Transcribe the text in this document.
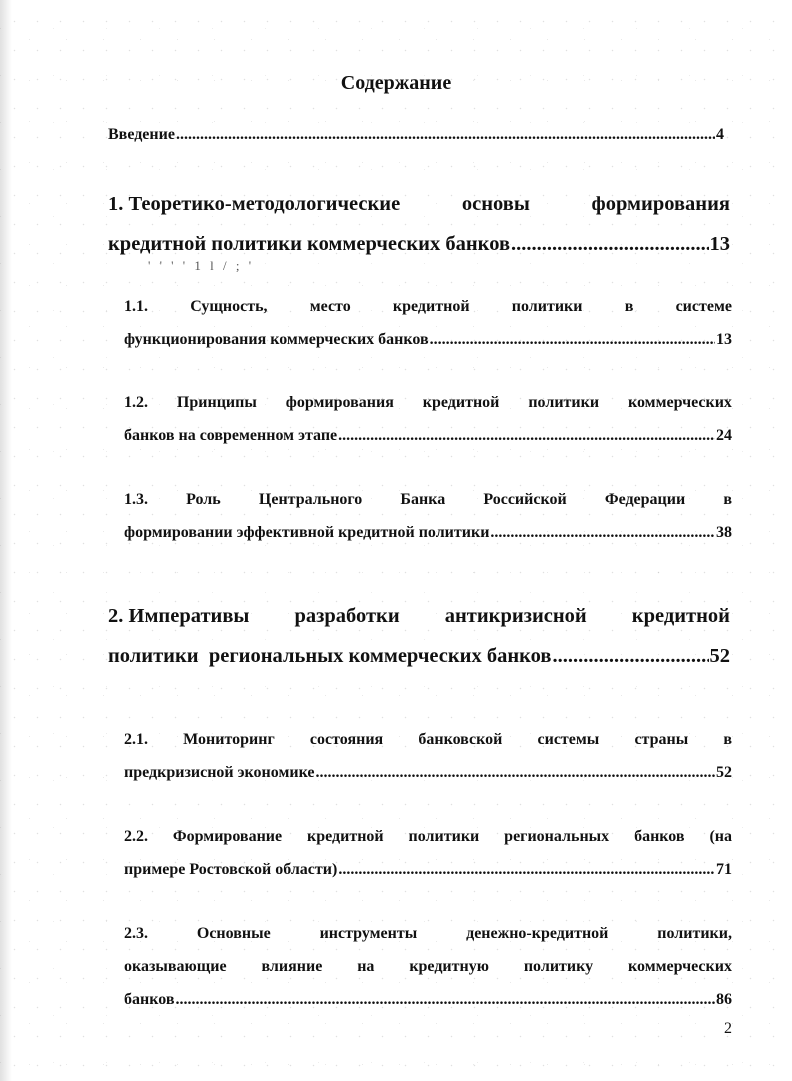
Содержание
' ' ' ' 1 l / ; '
Введение .....	4
1. Теоретико-методологические	основы	формирования
кредитной политики коммерческих банков .....	13
1.1.	Сущность,	место	кредитной	политики	в	системе
функционирования коммерческих банков .....	13
1.2. Принципы формирования кредитной политики коммерческих
банков на современном этапе .....	24
1.3. Роль Центрального Банка Российской Федерации в
формировании эффективной кредитной политики .....	38
2. Императивы разработки антикризисной кредитной
политики  региональных коммерческих банков .....	52
2.1. Мониторинг состояния банковской системы страны в
предкризисной экономике .....	52
2.2. Формирование кредитной политики региональных банков (на
примере Ростовской области) .....	71
2.3.	Основные	инструменты	денежно-кредитной	политики,
оказывающие влияние на кредитную политику коммерческих
банков .....	86
2
